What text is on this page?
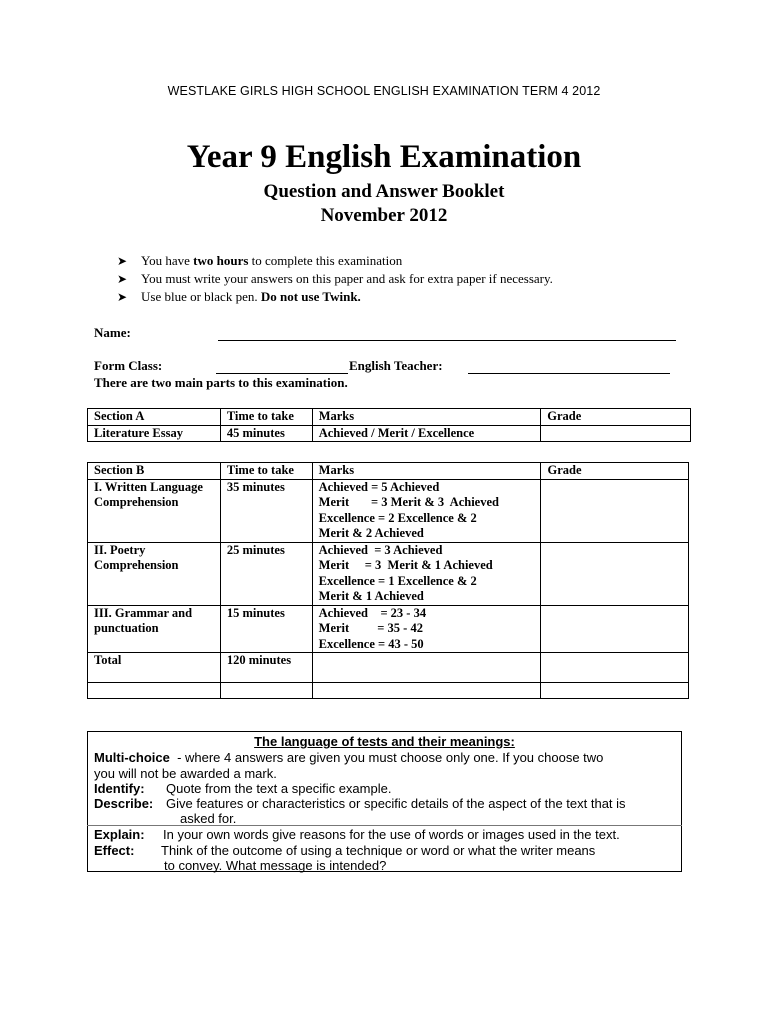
WESTLAKE GIRLS HIGH SCHOOL ENGLISH EXAMINATION TERM 4 2012
Year 9 English Examination
Question and Answer Booklet
November 2012
➤ You have two hours to complete this examination
➤ You must write your answers on this paper and ask for extra paper if necessary.
➤ Use blue or black pen. Do not use Twink.
Name:
Form Class:	English Teacher:
There are two main parts to this examination.
Section A	Time to take	Marks	Grade
Literature Essay	45 minutes	Achieved / Merit / Excellence	
Section B	Time to take	Marks	Grade
I. Written Language Comprehension	35 minutes	Achieved = 5 Achieved
Merit       = 3 Merit & 3  Achieved
Excellence = 2 Excellence & 2
Merit & 2 Achieved	

II. Poetry Comprehension	25 minutes	Achieved  = 3 Achieved
Merit     = 3  Merit & 1 Achieved
Excellence = 1 Excellence & 2
Merit & 1 Achieved	

III. Grammar and punctuation	15 minutes	Achieved    = 23 - 34
Merit         = 35 - 42
Excellence = 43 - 50	

Total	120 minutes		

The language of tests and their meanings:
Multi-choice  - where 4 answers are given you must choose only one. If you choose two
you will not be awarded a mark.
Identify: Quote from the text a specific example.
Describe: Give features or characteristics or specific details of the aspect of the text that is
asked for.
Explain: In your own words give reasons for the use of words or images used in the text.
Effect: Think of the outcome of using a technique or word or what the writer means
to convey. What message is intended?
